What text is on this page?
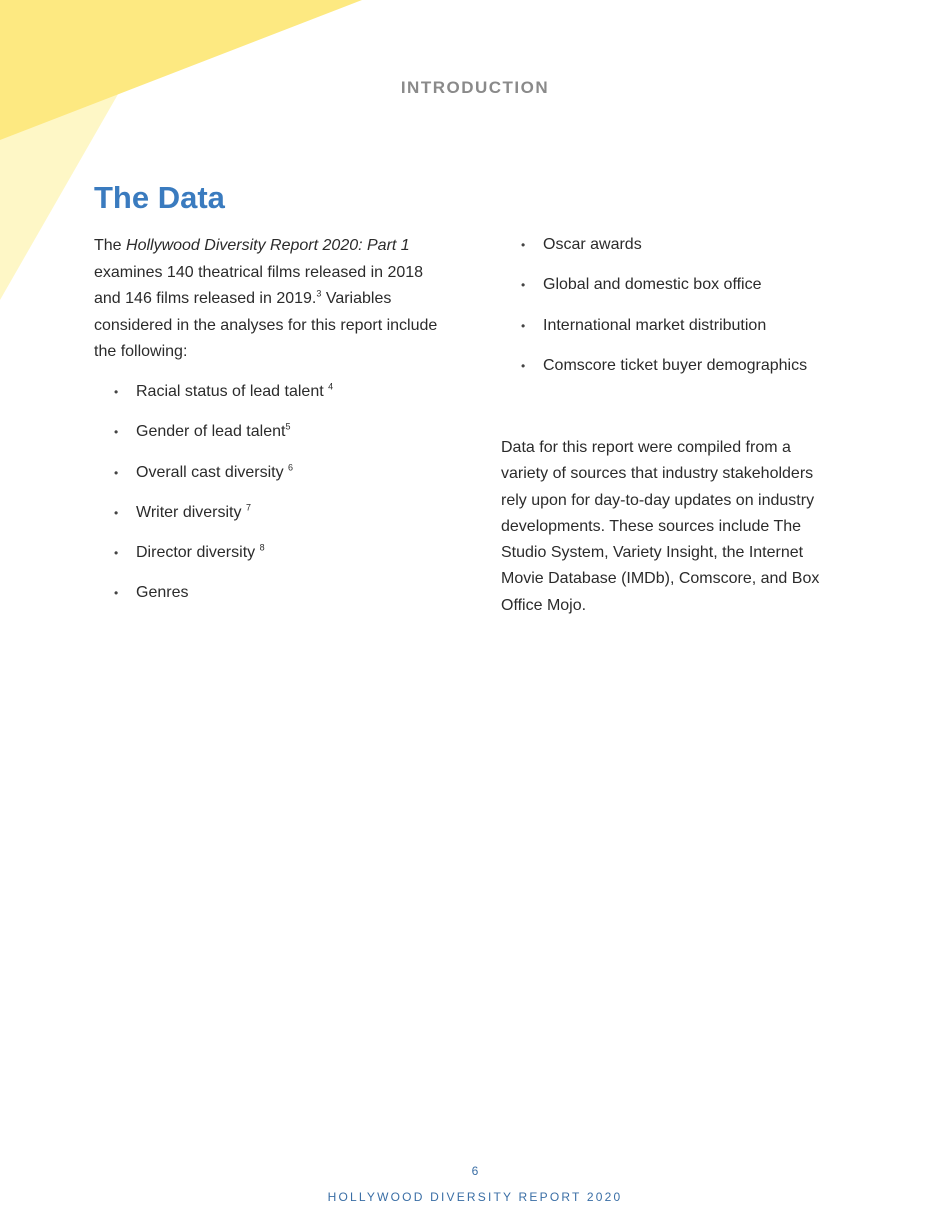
INTRODUCTION
The Data

The Hollywood Diversity Report 2020: Part 1 examines 140 theatrical films released in 2018 and 146 films released in 2019.$^3$ Variables considered in the analyses for this report include the following:

• Racial status of lead talent $^4$
• Gender of lead talent$^5$
• Overall cast diversity $^6$
• Writer diversity $^7$
• Director diversity $^8$
• Genres
• Oscar awards
• Global and domestic box office
• International market distribution
• Comscore ticket buyer demographics

Data for this report were compiled from a variety of sources that industry stakeholders rely upon for day-to-day updates on industry developments. These sources include The Studio System, Variety Insight, the Internet Movie Database (IMDb), Comscore, and Box Office Mojo.

6
HOLLYWOOD DIVERSITY REPORT 2020
